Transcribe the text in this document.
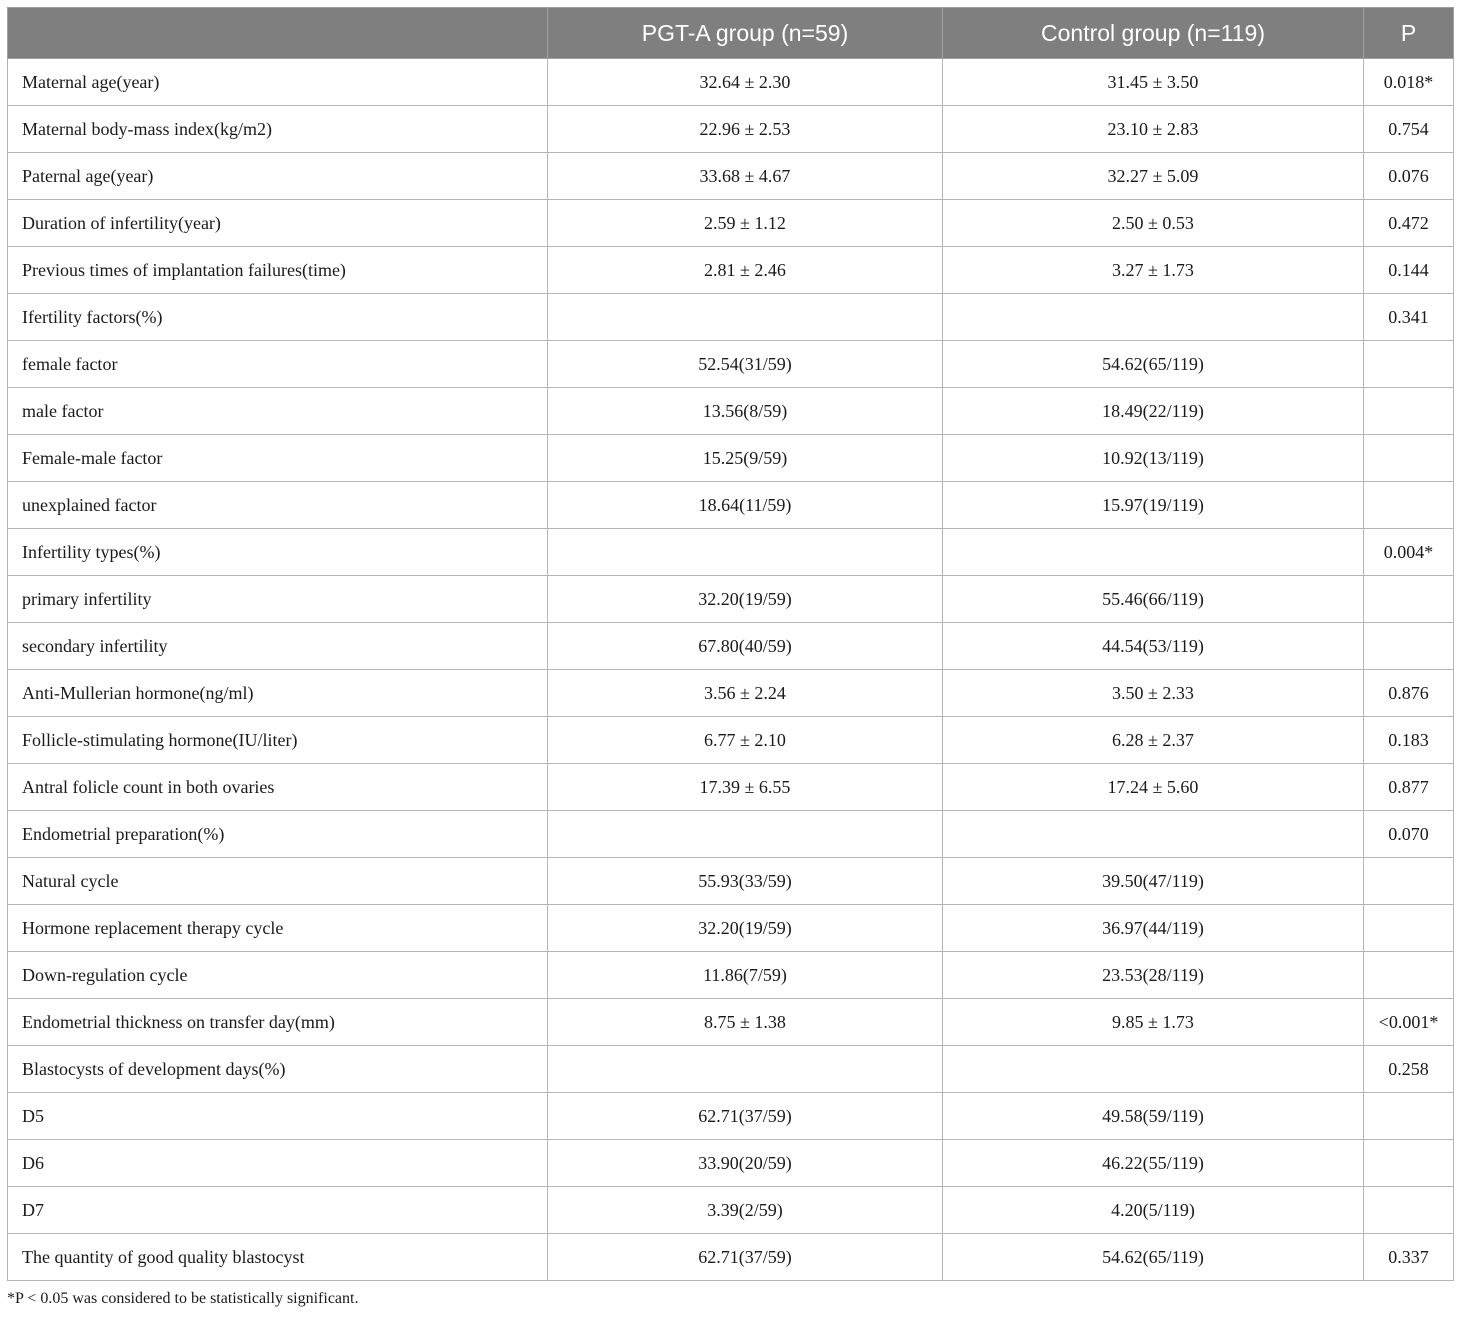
	PGT-A group (n=59)	Control group (n=119)	P
Maternal age(year)	32.64 ± 2.30	31.45 ± 3.50	0.018*
Maternal body-mass index(kg/m2)	22.96 ± 2.53	23.10 ± 2.83	0.754
Paternal age(year)	33.68 ± 4.67	32.27 ± 5.09	0.076
Duration of infertility(year)	2.59 ± 1.12	2.50 ± 0.53	0.472
Previous times of implantation failures(time)	2.81 ± 2.46	3.27 ± 1.73	0.144
Ifertility factors(%)			0.341
female factor	52.54(31/59)	54.62(65/119)	
male factor	13.56(8/59)	18.49(22/119)	
Female-male factor	15.25(9/59)	10.92(13/119)	
unexplained factor	18.64(11/59)	15.97(19/119)	
Infertility types(%)			0.004*
primary infertility	32.20(19/59)	55.46(66/119)	
secondary infertility	67.80(40/59)	44.54(53/119)	
Anti-Mullerian hormone(ng/ml)	3.56 ± 2.24	3.50 ± 2.33	0.876
Follicle-stimulating hormone(IU/liter)	6.77 ± 2.10	6.28 ± 2.37	0.183
Antral folicle count in both ovaries	17.39 ± 6.55	17.24 ± 5.60	0.877
Endometrial preparation(%)			0.070
Natural cycle	55.93(33/59)	39.50(47/119)	
Hormone replacement therapy cycle	32.20(19/59)	36.97(44/119)	
Down-regulation cycle	11.86(7/59)	23.53(28/119)	
Endometrial thickness on transfer day(mm)	8.75 ± 1.38	9.85 ± 1.73	<0.001*
Blastocysts of development days(%)			0.258
D5	62.71(37/59)	49.58(59/119)	
D6	33.90(20/59)	46.22(55/119)	
D7	3.39(2/59)	4.20(5/119)	
The quantity of good quality blastocyst	62.71(37/59)	54.62(65/119)	0.337
*P < 0.05 was considered to be statistically significant.
